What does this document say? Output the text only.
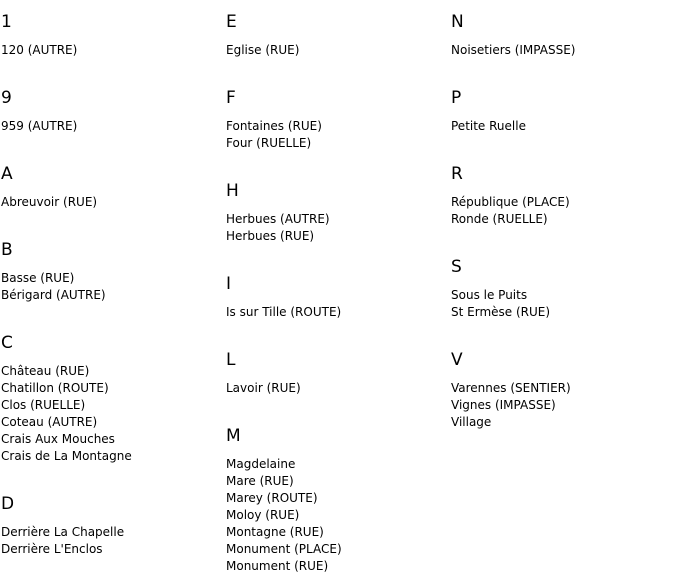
1
120 (AUTRE)
9
959 (AUTRE)
A
Abreuvoir (RUE)
B
Basse (RUE)
Bérigard (AUTRE)
C
Château (RUE)
Chatillon (ROUTE)
Clos (RUELLE)
Coteau (AUTRE)
Crais Aux Mouches
Crais de La Montagne
D
Derrière La Chapelle
Derrière L'Enclos
E
Eglise (RUE)
F
Fontaines (RUE)
Four (RUELLE)
H
Herbues (AUTRE)
Herbues (RUE)
I
Is sur Tille (ROUTE)
L
Lavoir (RUE)
M
Magdelaine
Mare (RUE)
Marey (ROUTE)
Moloy (RUE)
Montagne (RUE)
Monument (PLACE)
Monument (RUE)
N
Noisetiers (IMPASSE)
P
Petite Ruelle
R
République (PLACE)
Ronde (RUELLE)
S
Sous le Puits
St Ermèse (RUE)
V
Varennes (SENTIER)
Vignes (IMPASSE)
Village
